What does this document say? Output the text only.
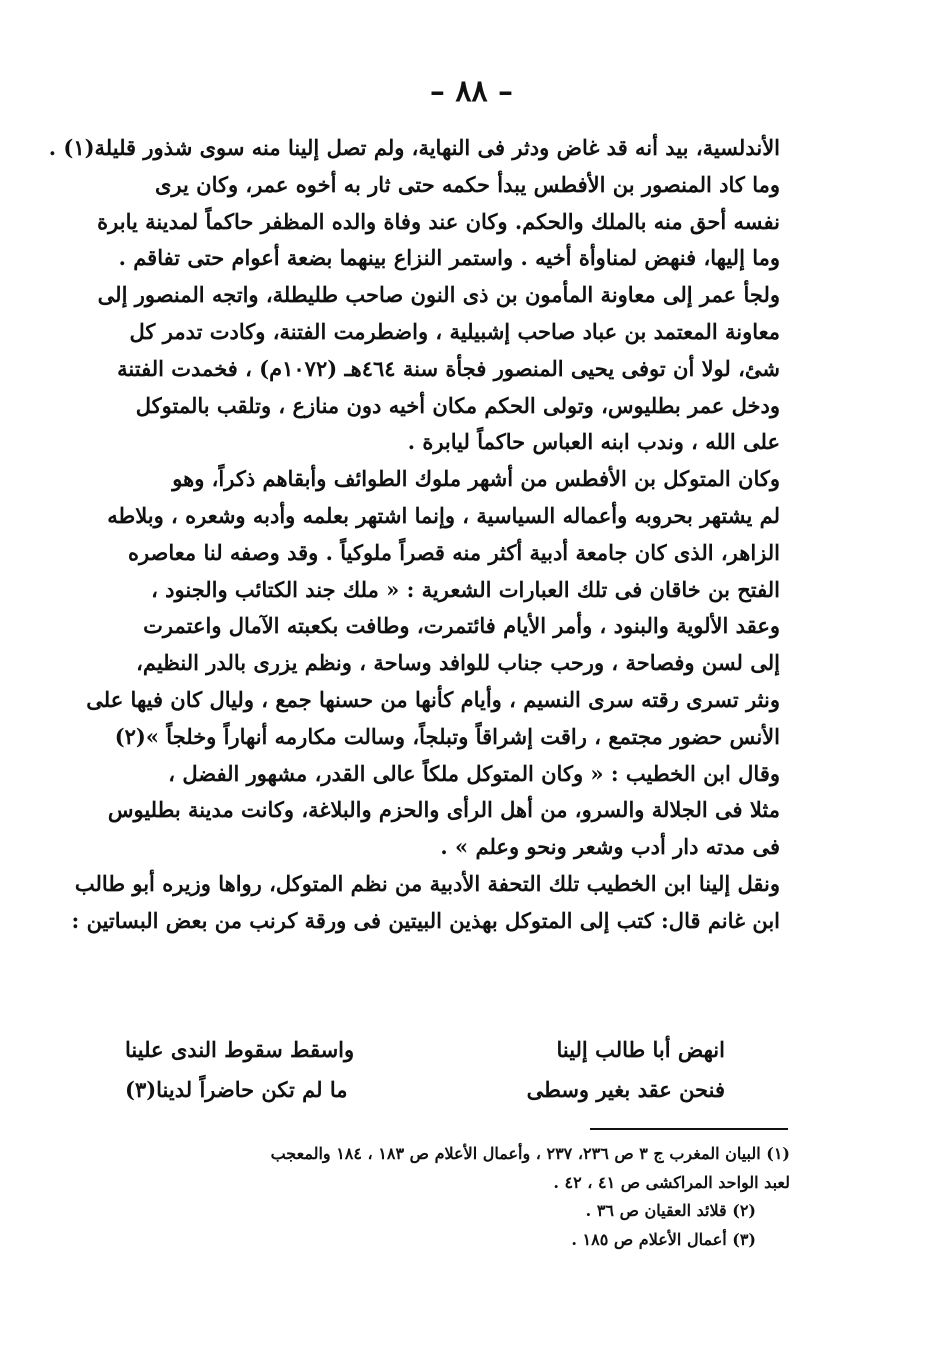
– ٨٨ –
الأندلسية، بيد أنه قد غاض ودثر فى النهاية، ولم تصل إلينا منه سوى شذور قليلة(١) .
وما كاد المنصور بن الأفطس يبدأ حكمه حتى ثار به أخوه عمر، وكان يرى
نفسه أحق منه بالملك والحكم. وكان عند وفاة والده المظفر حاكماً لمدينة يابرة
وما إليها، فنهض لمناوأة أخيه . واستمر النزاع بينهما بضعة أعوام حتى تفاقم .
ولجأ عمر إلى معاونة المأمون بن ذى النون صاحب طليطلة، واتجه المنصور إلى
معاونة المعتمد بن عباد صاحب إشبيلية ، واضطرمت الفتنة، وكادت تدمر كل
شئ، لولا أن توفى يحيى المنصور فجأة سنة ٤٦٤هـ (١٠٧٢م) ، فخمدت الفتنة
ودخل عمر بطليوس، وتولى الحكم مكان أخيه دون منازع ، وتلقب بالمتوكل
على الله ، وندب ابنه العباس حاكماً ليابرة .
وكان المتوكل بن الأفطس من أشهر ملوك الطوائف وأبقاهم ذكراً، وهو
لم يشتهر بحروبه وأعماله السياسية ، وإنما اشتهر بعلمه وأدبه وشعره ، وبلاطه
الزاهر، الذى كان جامعة أدبية أكثر منه قصراً ملوكياً . وقد وصفه لنا معاصره
الفتح بن خاقان فى تلك العبارات الشعرية : « ملك جند الكتائب والجنود ،
وعقد الألوية والبنود ، وأمر الأيام فائتمرت، وطافت بكعبته الآمال واعتمرت
إلى لسن وفصاحة ، ورحب جناب للوافد وساحة ، ونظم يزرى بالدر النظيم،
ونثر تسرى رقته سرى النسيم ، وأيام كأنها من حسنها جمع ، وليال كان فيها على
الأنس حضور مجتمع ، راقت إشراقاً وتبلجاً، وسالت مكارمه أنهاراً وخلجاً »(٢)
وقال ابن الخطيب : « وكان المتوكل ملكاً عالى القدر، مشهور الفضل ،
مثلا فى الجلالة والسرو، من أهل الرأى والحزم والبلاغة، وكانت مدينة بطليوس
فى مدته دار أدب وشعر ونحو وعلم » .
ونقل إلينا ابن الخطيب تلك التحفة الأدبية من نظم المتوكل، رواها وزيره أبو طالب
ابن غانم قال: كتب إلى المتوكل بهذين البيتين فى ورقة كرنب من بعض البساتين :
انهض أبا طالب إلينا
واسقط سقوط الندى علينا
فنحن عقد بغير وسطى
ما لم تكن حاضراً لدينا(٣)
(١) البيان المغرب ج ٣ ص ٢٣٦، ٢٣٧ ، وأعمال الأعلام ص ١٨٣ ، ١٨٤ والمعجب
لعبد الواحد المراكشى ص ٤١ ، ٤٢ .
(٢) قلائد العقيان ص ٣٦ .
(٣) أعمال الأعلام ص ١٨٥ .
